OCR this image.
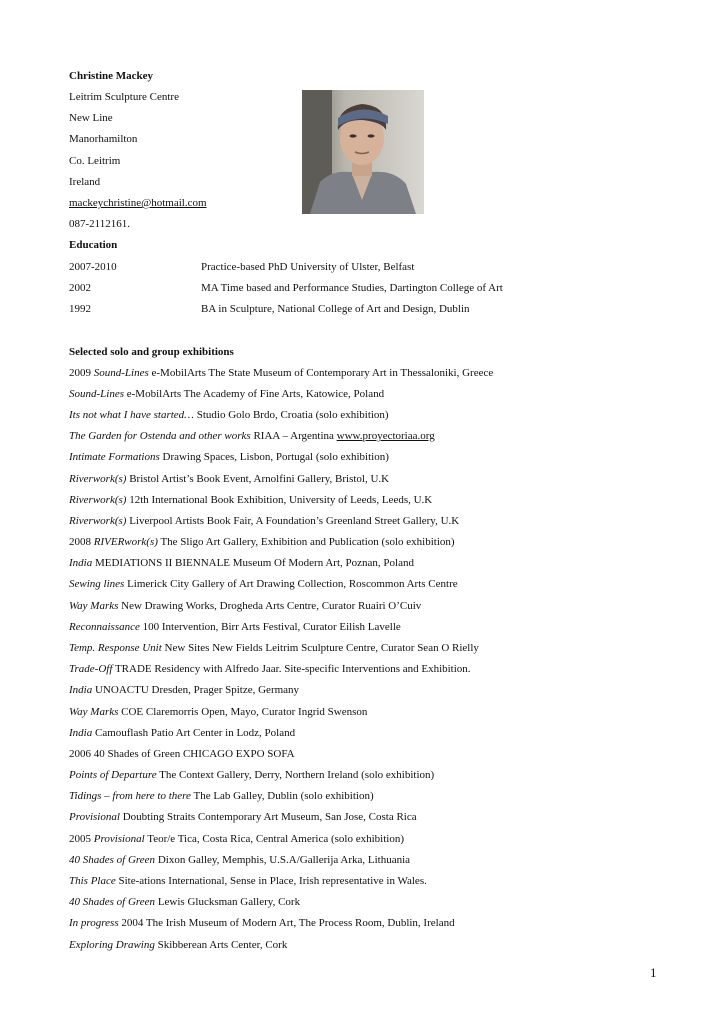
Christine Mackey
Leitrim Sculpture Centre
New Line
Manorhamilton
Co. Leitrim
Ireland
mackeychristine@hotmail.com
087-2112161.
Education
2007-2010	Practice-based PhD University of Ulster, Belfast
2002	MA Time based and Performance Studies, Dartington College of Art
1992	BA in Sculpture, National College of Art and Design, Dublin
Selected solo and group exhibitions
2009 Sound-Lines e-MobilArts The State Museum of Contemporary Art in Thessaloniki, Greece
Sound-Lines e-MobilArts The Academy of Fine Arts, Katowice, Poland
Its not what I have started… Studio Golo Brdo, Croatia (solo exhibition)
The Garden for Ostenda and other works RIAA – Argentina www.proyectoriaa.org
Intimate Formations Drawing Spaces, Lisbon, Portugal (solo exhibition)
Riverwork(s) Bristol Artist’s Book Event, Arnolfini Gallery, Bristol, U.K
Riverwork(s) 12th International Book Exhibition, University of Leeds, Leeds, U.K
Riverwork(s) Liverpool Artists Book Fair, A Foundation’s Greenland Street Gallery, U.K
2008 RIVERwork(s) The Sligo Art Gallery, Exhibition and Publication (solo exhibition)
India MEDIATIONS II BIENNALE Museum Of Modern Art, Poznan, Poland
Sewing lines Limerick City Gallery of Art Drawing Collection, Roscommon Arts Centre
Way Marks New Drawing Works, Drogheda Arts Centre, Curator Ruairi O’Cuiv
Reconnaissance 100 Intervention, Birr Arts Festival, Curator Eilish Lavelle
Temp. Response Unit New Sites New Fields Leitrim Sculpture Centre, Curator Sean O Rielly
Trade-Off TRADE Residency with Alfredo Jaar. Site-specific Interventions and Exhibition.
India UNOACTU Dresden, Prager Spitze, Germany
Way Marks COE Claremorris Open, Mayo, Curator Ingrid Swenson
India Camouflash Patio Art Center in Lodz, Poland
2006 40 Shades of Green CHICAGO EXPO SOFA
Points of Departure The Context Gallery, Derry, Northern Ireland (solo exhibition)
Tidings – from here to there The Lab Galley, Dublin (solo exhibition)
Provisional Doubting Straits Contemporary Art Museum, San Jose, Costa Rica
2005 Provisional Teor/e Tica, Costa Rica, Central America (solo exhibition)
40 Shades of Green Dixon Galley, Memphis, U.S.A/Gallerija Arka, Lithuania
This Place Site-ations International, Sense in Place, Irish representative in Wales.
40 Shades of Green Lewis Glucksman Gallery, Cork
In progress 2004 The Irish Museum of Modern Art, The Process Room, Dublin, Ireland
Exploring Drawing Skibberean Arts Center, Cork
1
